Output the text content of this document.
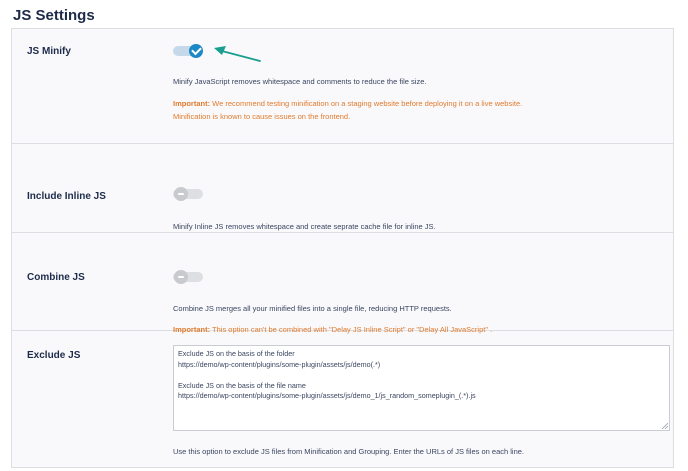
JS Settings
JS Minify
Minify JavaScript removes whitespace and comments to reduce the file size.
Important: We recommend testing minification on a staging website before deploying it on a live website.
Minification is known to cause issues on the frontend.
Include Inline JS
Minify Inline JS removes whitespace and create seprate cache file for inline JS.
Combine JS
Combine JS merges all your minified files into a single file, reducing HTTP requests.
Important: This option can't be combined with "Delay JS Inline Script" or "Delay All JavaScript" .
Exclude JS	Exclude JS on the basis of the folder

https://demo/wp-content/plugins/some-plugin/assets/js/demo(.*)

Exclude JS on the basis of the file name

https://demo/wp-content/plugins/some-plugin/assets/js/demo_1/js_random_someplugin_(.*).js

Use this option to exclude JS files from Minification and Grouping. Enter the URLs of JS files on each line.
